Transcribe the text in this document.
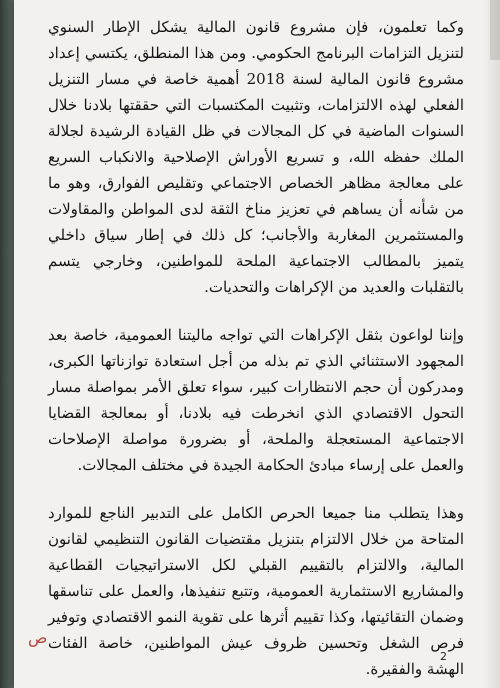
وكما تعلمون، فإن مشروع قانون المالية يشكل الإطار السنوي لتنزيل التزامات البرنامج الحكومي. ومن هذا المنطلق، يكتسي إعداد مشروع قانون المالية لسنة 2018 أهمية خاصة في مسار التنزيل الفعلي لهذه الالتزامات، وتثبيت المكتسبات التي حققتها بلادنا خلال السنوات الماضية في كل المجالات في ظل القيادة الرشيدة لجلالة الملك حفظه الله، و تسريع الأوراش الإصلاحية والانكباب السريع على معالجة مظاهر الخصاص الاجتماعي وتقليص الفوارق، وهو ما من شأنه أن يساهم في تعزيز مناخ الثقة لدى المواطن والمقاولات والمستثمرين المغاربة والأجانب؛ كل ذلك في إطار سياق داخلي يتميز بالمطالب الاجتماعية الملحة للمواطنين، وخارجي يتسم بالتقلبات والعديد من الإكراهات والتحديات.

وإننا لواعون بثقل الإكراهات التي تواجه ماليتنا العمومية، خاصة بعد المجهود الاستثنائي الذي تم بذله من أجل استعادة توازناتها الكبرى، ومدركون أن حجم الانتظارات كبير، سواء تعلق الأمر بمواصلة مسار التحول الاقتصادي الذي انخرطت فيه بلادنا، أو بمعالجة القضايا الاجتماعية المستعجلة والملحة، أو بضرورة مواصلة الإصلاحات والعمل على إرساء مبادئ الحكامة الجيدة في مختلف المجالات.

وهذا يتطلب منا جميعا الحرص الكامل على التدبير الناجع للموارد المتاحة من خلال الالتزام بتنزيل مقتضيات القانون التنظيمي لقانون المالية، والالتزام بالتقييم القبلي لكل الاستراتيجيات القطاعية والمشاريع الاستثمارية العمومية، وتتبع تنفيذها، والعمل على تناسقها وضمان التقائيتها، وكذا تقييم أثرها على تقوية النمو الاقتصادي وتوفير فرص الشغل وتحسين ظروف عيش المواطنين، خاصة الفئات الهشة والفقيرة.

ص
2
